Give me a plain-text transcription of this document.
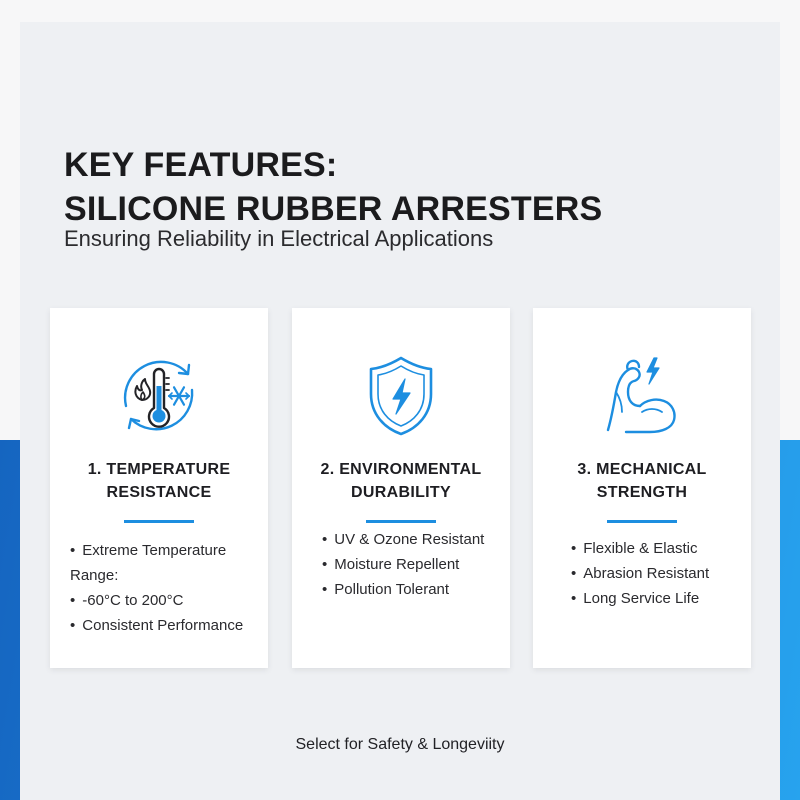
KEY FEATURES:
SILICONE RUBBER ARRESTERS

Ensuring Reliability in Electrical Applications

1. TEMPERATURE
RESISTANCE
• Extreme Temperature Range:
• -60°C to 200°C
• Consistent Performance
2. ENVIRONMENTAL
DURABILITY
• UV & Ozone Resistant
• Moisture Repellent
• Pollution Tolerant
3. MECHANICAL
STRENGTH
• Flexible & Elastic
• Abrasion Resistant
• Long Service Life
Select for Safety & Longeviity
